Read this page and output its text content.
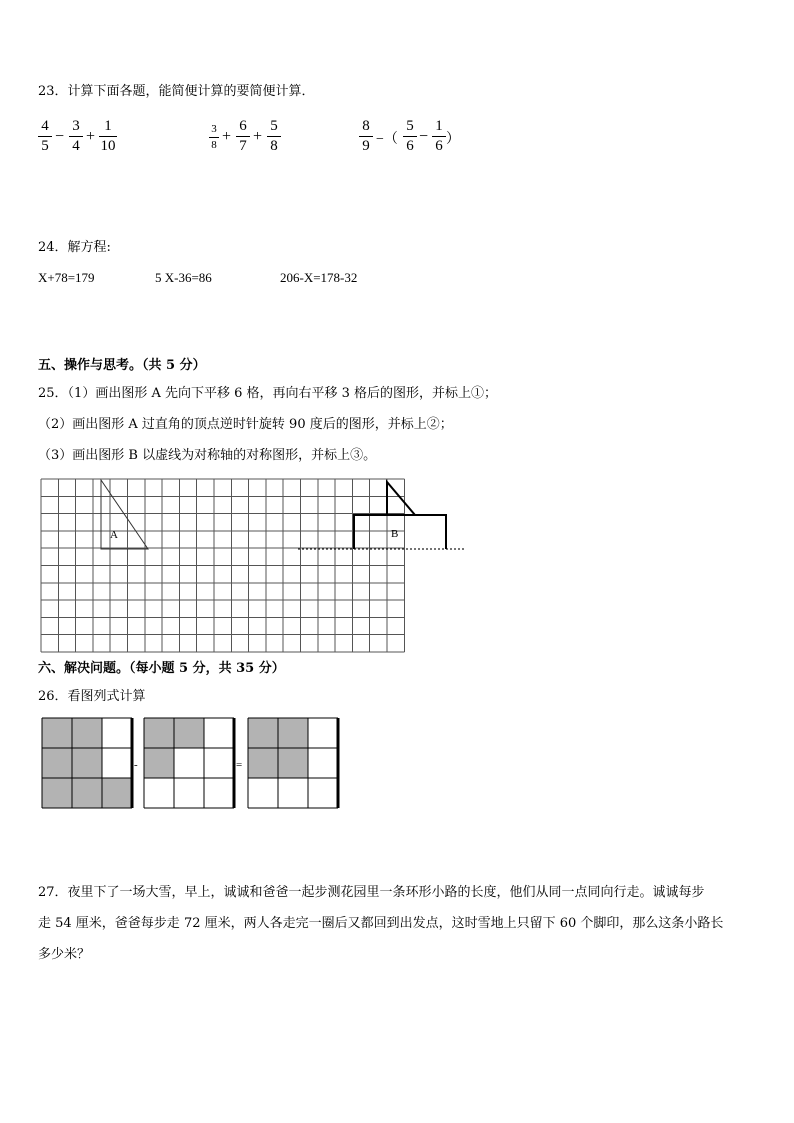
23．计算下面各题，能简便计算的要简便计算．
4
5
−
3
4
+
1
10
3
8 +
6
7
+
5
8
8
9 −（
5
6
−
1
6 ）
24．解方程:
X+78=179	5 X-36=86	206-X=178-32
五、操作与思考。（共 5 分）
25．（1）画出图形 A 先向下平移 6 格，再向右平移 3 格后的图形，并标上①；
（2）画出图形 A 过直角的顶点逆时针旋转 90 度后的图形，并标上②；
（3）画出图形 B 以虚线为对称轴的对称图形，并标上③。
A	B
六、解决问题。（每小题 5 分，共 35 分）
26．看图列式计算
-	=
27．夜里下了一场大雪，早上，诚诚和爸爸一起步测花园里一条环形小路的长度，他们从同一点同向行走。诚诚每步
走 54 厘米，爸爸每步走 72 厘米，两人各走完一圈后又都回到出发点，这时雪地上只留下 60 个脚印，那么这条小路长
多少米？
